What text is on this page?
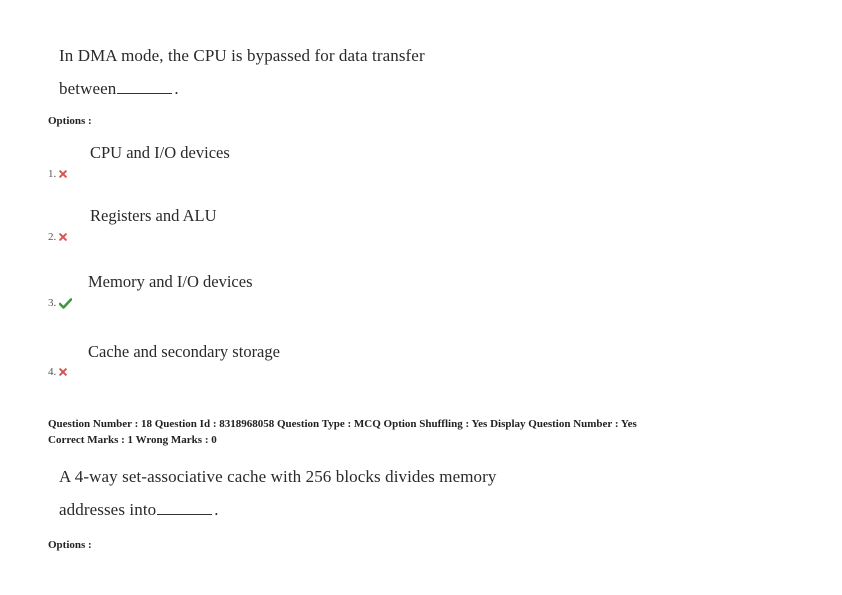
In DMA mode, the CPU is bypassed for data transfer
between	.
Options :
CPU and I/O devices
1.
Registers and ALU
2.
Memory and I/O devices
3.
Cache and secondary storage
4.
Question Number : 18 Question Id : 8318968058 Question Type : MCQ Option Shuffling : Yes Display Question Number : Yes
Correct Marks : 1 Wrong Marks : 0
A 4-way set-associative cache with 256 blocks divides memory
addresses into	.
Options :
